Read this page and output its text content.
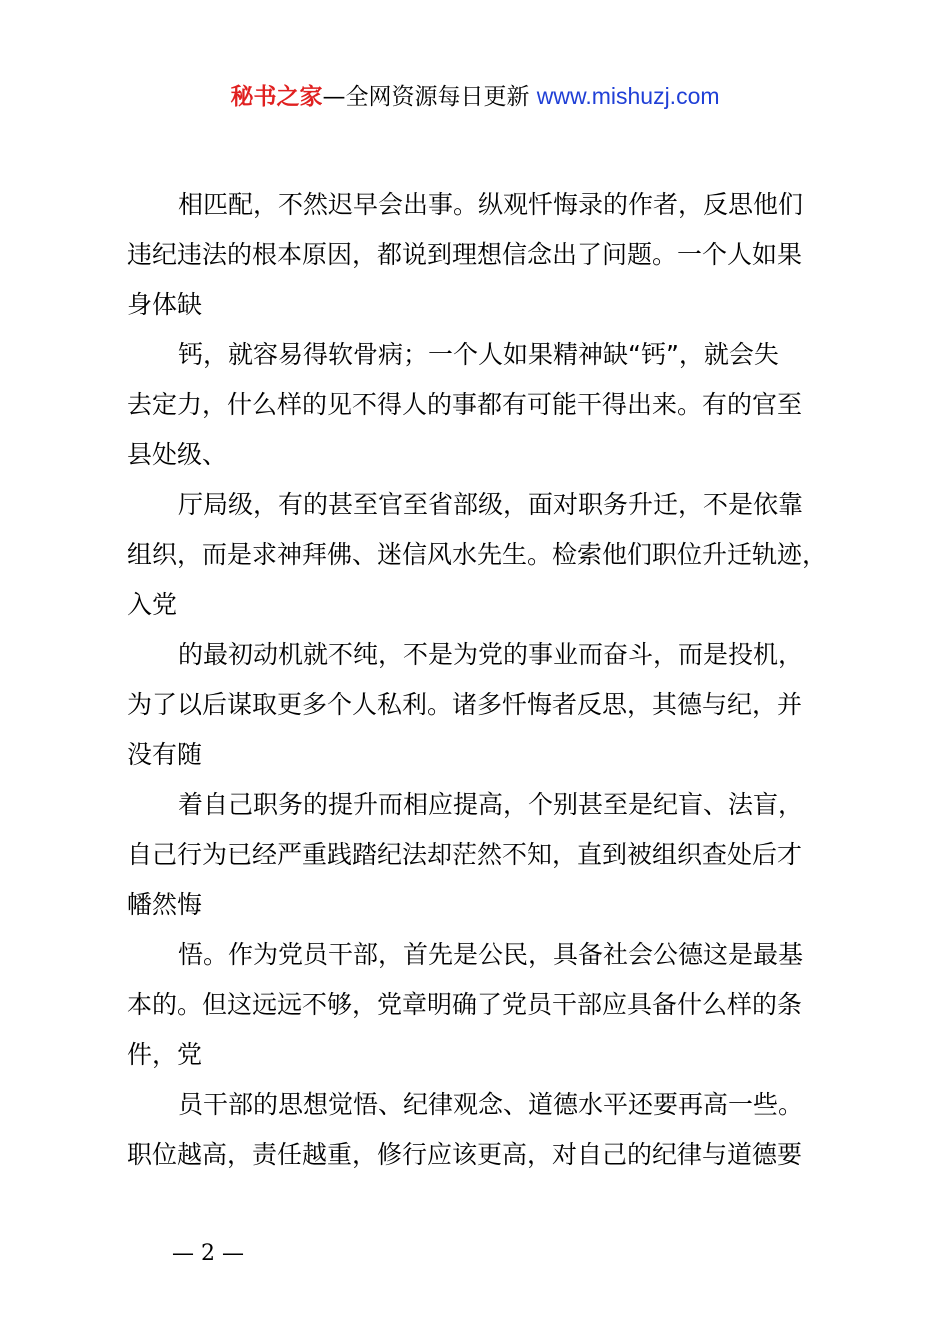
秘书之家—全网资源每日更新 www.mishuzj.com
相匹配，不然迟早会出事。纵观忏悔录的作者，反思他们
违纪违法的根本原因，都说到理想信念出了问题。一个人如果
身体缺
钙，就容易得软骨病；一个人如果精神缺“钙”，就会失
去定力，什么样的见不得人的事都有可能干得出来。有的官至
县处级、
厅局级，有的甚至官至省部级，面对职务升迁，不是依靠
组织，而是求神拜佛、迷信风水先生。检索他们职位升迁轨迹，
入党
的最初动机就不纯，不是为党的事业而奋斗，而是投机，
为了以后谋取更多个人私利。诸多忏悔者反思，其德与纪，并
没有随
着自己职务的提升而相应提高，个别甚至是纪盲、法盲，
自己行为已经严重践踏纪法却茫然不知，直到被组织查处后才
幡然悔
悟。作为党员干部，首先是公民，具备社会公德这是最基
本的。但这远远不够，党章明确了党员干部应具备什么样的条
件，党
员干部的思想觉悟、纪律观念、道德水平还要再高一些。
职位越高，责任越重，修行应该更高，对自己的纪律与道德要
— 2 —
